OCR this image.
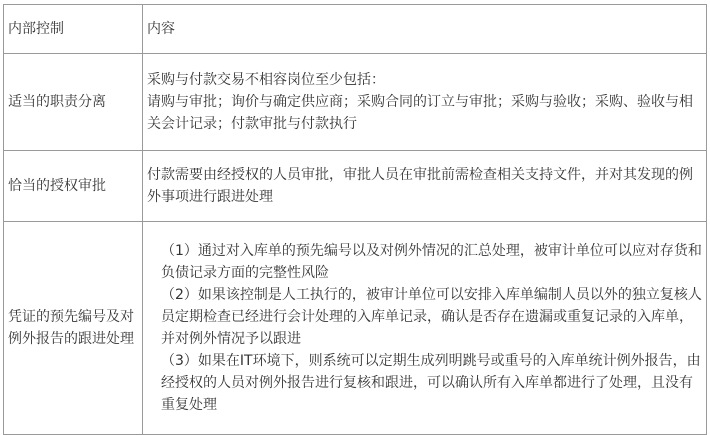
内部控制	内容
适当的职责分离	采购与付款交易不相容岗位至少包括：
请购与审批；询价与确定供应商；采购合同的订立与审批；采购与验收；采购、验收与相关会计记录；付款审批与付款执行

恰当的授权审批	付款需要由经授权的人员审批，审批人员在审批前需检查相关支持文件，并对其发现的例外事项进行跟进处理

凭证的预先编号及对例外报告的跟进处理	（1）通过对入库单的预先编号以及对例外情况的汇总处理，被审计单位可以应对存货和负债记录方面的完整性风险
（2）如果该控制是人工执行的，被审计单位可以安排入库单编制人员以外的独立复核人员定期检查已经进行会计处理的入库单记录，确认是否存在遗漏或重复记录的入库单，并对例外情况予以跟进
（3）如果在IT环境下，则系统可以定期生成列明跳号或重号的入库单统计例外报告，由经授权的人员对例外报告进行复核和跟进，可以确认所有入库单都进行了处理，且没有重复处理
